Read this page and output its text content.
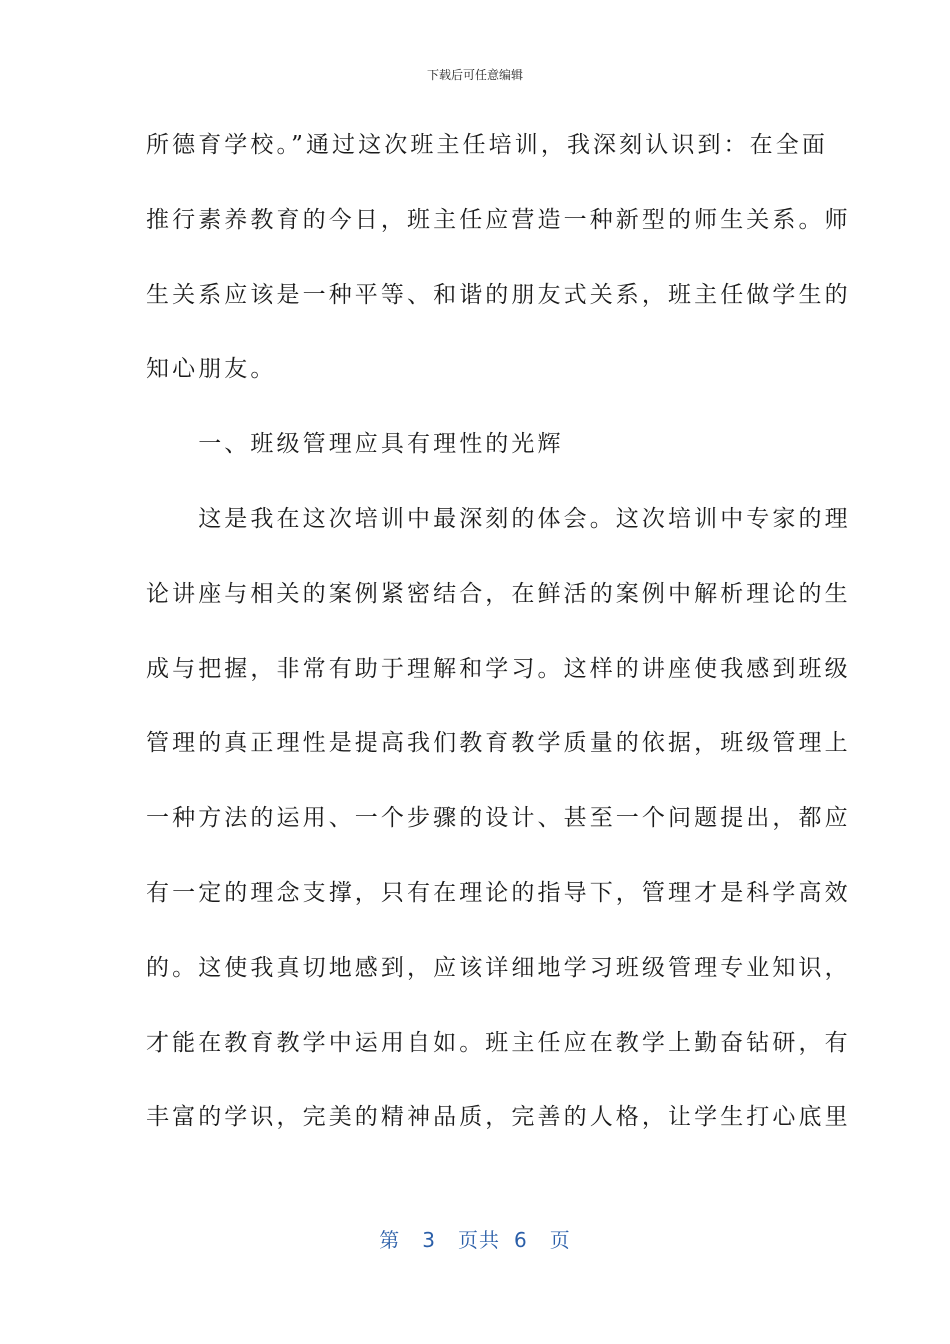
下载后可任意编辑
所德育学校。”通过这次班主任培训，我深刻认识到：在全面
推行素养教育的今日，班主任应营造一种新型的师生关系。师
生关系应该是一种平等、和谐的朋友式关系，班主任做学生的
知心朋友。
　　一、班级管理应具有理性的光辉
　　这是我在这次培训中最深刻的体会。这次培训中专家的理
论讲座与相关的案例紧密结合，在鲜活的案例中解析理论的生
成与把握，非常有助于理解和学习。这样的讲座使我感到班级
管理的真正理性是提高我们教育教学质量的依据，班级管理上
一种方法的运用、一个步骤的设计、甚至一个问题提出，都应
有一定的理念支撑，只有在理论的指导下，管理才是科学高效
的。这使我真切地感到，应该详细地学习班级管理专业知识，
才能在教育教学中运用自如。班主任应在教学上勤奋钻研，有
丰富的学识，完美的精神品质，完善的人格，让学生打心底里
第 3 页共 6 页
